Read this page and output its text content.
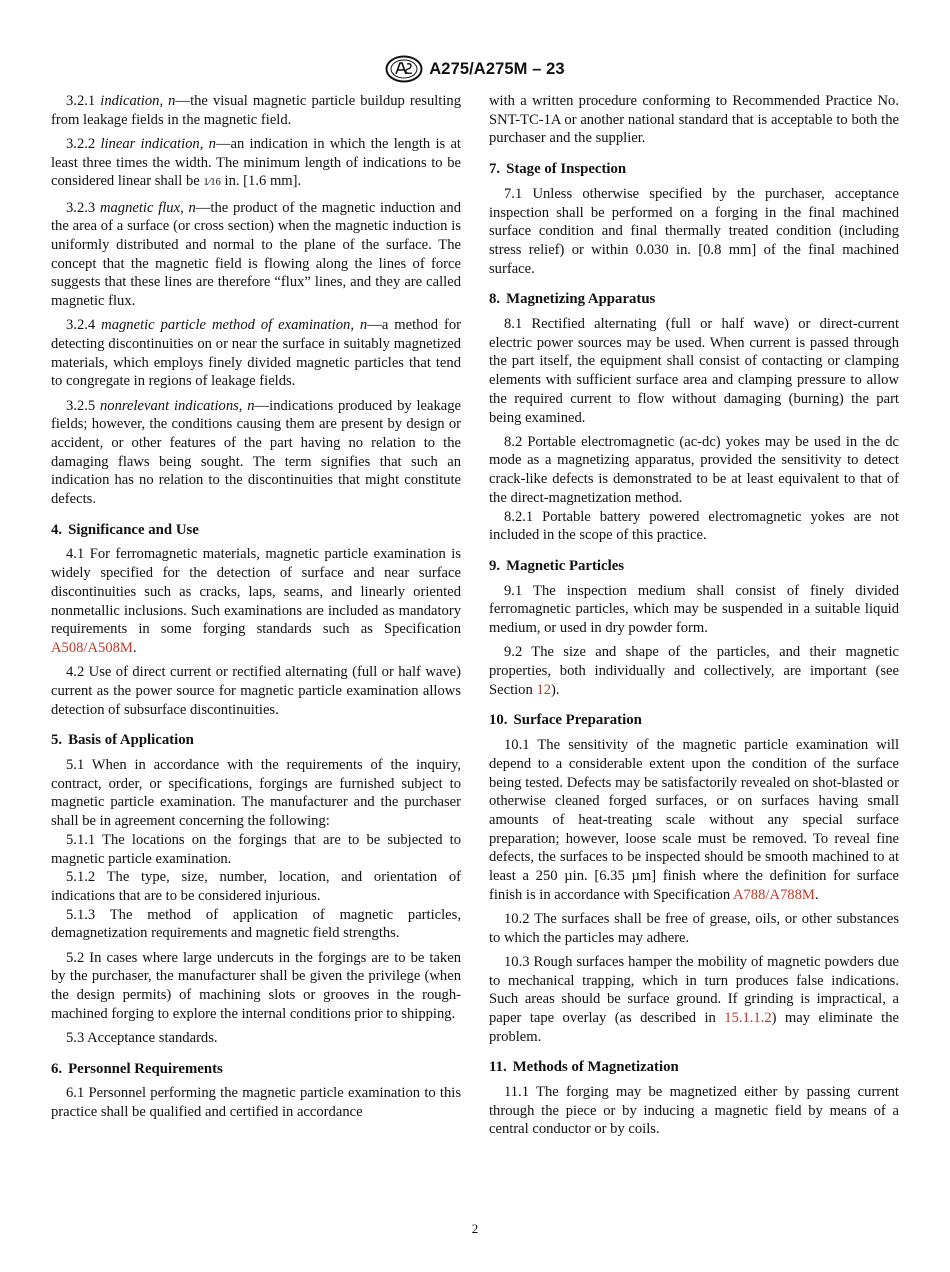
A275/A275M – 23

3.2.1 indication, n—the visual magnetic particle buildup resulting from leakage fields in the magnetic field.

3.2.2 linear indication, n—an indication in which the length is at least three times the width. The minimum length of indications to be considered linear shall be 1⁄16 in. [1.6 mm].

3.2.3 magnetic flux, n—the product of the magnetic induction and the area of a surface (or cross section) when the magnetic induction is uniformly distributed and normal to the plane of the surface. The concept that the magnetic field is flowing along the lines of force suggests that these lines are therefore “flux” lines, and they are called magnetic flux.

3.2.4 magnetic particle method of examination, n—a method for detecting discontinuities on or near the surface in suitably magnetized materials, which employs finely divided magnetic particles that tend to congregate in regions of leakage fields.

3.2.5 nonrelevant indications, n—indications produced by leakage fields; however, the conditions causing them are present by design or accident, or other features of the part having no relation to the damaging flaws being sought. The term signifies that such an indication has no relation to the discontinuities that might constitute defects.

4. Significance and Use

4.1 For ferromagnetic materials, magnetic particle examination is widely specified for the detection of surface and near surface discontinuities such as cracks, laps, seams, and linearly oriented nonmetallic inclusions. Such examinations are included as mandatory requirements in some forging standards such as Specification A508/A508M.

4.2 Use of direct current or rectified alternating (full or half wave) current as the power source for magnetic particle examination allows detection of subsurface discontinuities.

5. Basis of Application

5.1 When in accordance with the requirements of the inquiry, contract, order, or specifications, forgings are furnished subject to magnetic particle examination. The manufacturer and the purchaser shall be in agreement concerning the following:

5.1.1 The locations on the forgings that are to be subjected to magnetic particle examination.

5.1.2 The type, size, number, location, and orientation of indications that are to be considered injurious.

5.1.3 The method of application of magnetic particles, demagnetization requirements and magnetic field strengths.

5.2 In cases where large undercuts in the forgings are to be taken by the purchaser, the manufacturer shall be given the privilege (when the design permits) of machining slots or grooves in the rough-machined forging to explore the internal conditions prior to shipping.

5.3 Acceptance standards.

6. Personnel Requirements

6.1 Personnel performing the magnetic particle examination to this practice shall be qualified and certified in accordance

with a written procedure conforming to Recommended Practice No. SNT-TC-1A or another national standard that is acceptable to both the purchaser and the supplier.

7. Stage of Inspection

7.1 Unless otherwise specified by the purchaser, acceptance inspection shall be performed on a forging in the final machined surface condition and final thermally treated condition (including stress relief) or within 0.030 in. [0.8 mm] of the final machined surface.

8. Magnetizing Apparatus

8.1 Rectified alternating (full or half wave) or direct-current electric power sources may be used. When current is passed through the part itself, the equipment shall consist of contacting or clamping elements with sufficient surface area and clamping pressure to allow the required current to flow without damaging (burning) the part being examined.

8.2 Portable electromagnetic (ac-dc) yokes may be used in the dc mode as a magnetizing apparatus, provided the sensitivity to detect crack-like defects is demonstrated to be at least equivalent to that of the direct-magnetization method.

8.2.1 Portable battery powered electromagnetic yokes are not included in the scope of this practice.

9. Magnetic Particles

9.1 The inspection medium shall consist of finely divided ferromagnetic particles, which may be suspended in a suitable liquid medium, or used in dry powder form.

9.2 The size and shape of the particles, and their magnetic properties, both individually and collectively, are important (see Section 12).

10. Surface Preparation

10.1 The sensitivity of the magnetic particle examination will depend to a considerable extent upon the condition of the surface being tested. Defects may be satisfactorily revealed on shot-blasted or otherwise cleaned forged surfaces, or on surfaces having small amounts of heat-treating scale without any special surface preparation; however, loose scale must be removed. To reveal fine defects, the surfaces to be inspected should be smooth machined to at least a 250 µin. [6.35 µm] finish where the definition for surface finish is in accordance with Specification A788/A788M.

10.2 The surfaces shall be free of grease, oils, or other substances to which the particles may adhere.

10.3 Rough surfaces hamper the mobility of magnetic powders due to mechanical trapping, which in turn produces false indications. Such areas should be surface ground. If grinding is impractical, a paper tape overlay (as described in 15.1.1.2) may eliminate the problem.

11. Methods of Magnetization

11.1 The forging may be magnetized either by passing current through the piece or by inducing a magnetic field by means of a central conductor or by coils.

2
